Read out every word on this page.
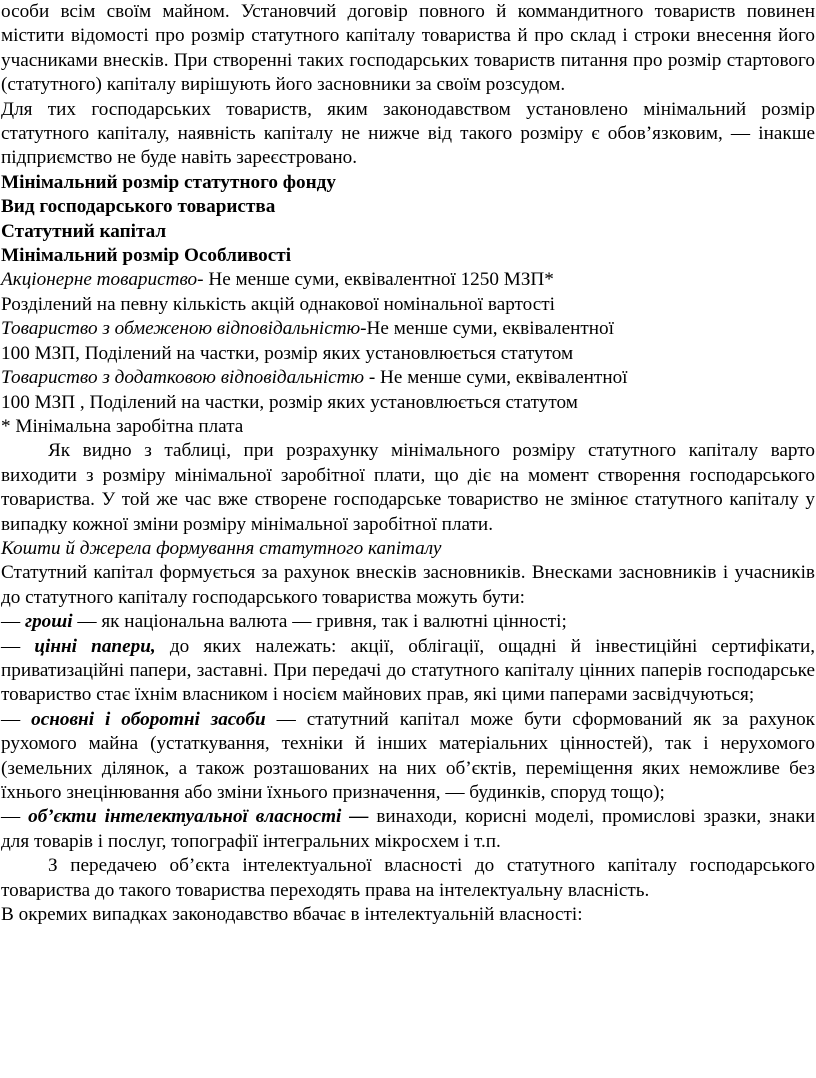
особи всім своїм майном. Установчий договір повного й коммандитного товариств повинен містити відомості про розмір статутного капіталу товариства й про склад і строки внесення його учасниками внесків. При створенні таких господарських товариств питання про розмір стартового (статутного) капіталу вирішують його засновники за своїм розсудом.

Для тих господарських товариств, яким законодавством установлено мінімальний розмір статутного капіталу, наявність капіталу не нижче від такого розміру є обов’язковим, — інакше підприємство не буде навіть зареєстровано.

Мінімальний розмір статутного фонду

Вид господарського товариства

Статутний капітал

Мінімальний розмір Особливості

Акціонерне товариство- Не менше суми, еквівалентної 1250 МЗП*

Розділений на певну кількість акцій однакової номінальної вартості

Товариство з обмеженою відповідальністю-Не менше суми, еквівалентної

100 МЗП, Поділений на частки, розмір яких установлюється статутом

Товариство з додатковою відповідальністю - Не менше суми, еквівалентної

100 МЗП , Поділений на частки, розмір яких установлюється статутом

* Мінімальна заробітна плата

Як видно з таблиці, при розрахунку мінімального розміру статутного капіталу варто виходити з розміру мінімальної заробітної плати, що діє на момент створення господарського товариства. У той же час вже створене господарське товариство не змінює статутного капіталу у випадку кожної зміни розміру мінімальної заробітної плати.

Кошти й джерела формування статутного капіталу

Статутний капітал формується за рахунок внесків засновників. Внесками засновників і учасників до статутного капіталу господарського товариства можуть бути:

— гроші — як національна валюта — гривня, так і валютні цінності;

— цінні папери, до яких належать: акції, облігації, ощадні й інвестиційні сертифікати, приватизаційні папери, заставні. При передачі до статутного капіталу цінних паперів господарське товариство стає їхнім власником і носієм майнових прав, які цими паперами засвідчуються;

— основні і оборотні засоби — статутний капітал може бути сформований як за рахунок рухомого майна (устаткування, техніки й інших матеріальних цінностей), так і нерухомого (земельних ділянок, а також розташованих на них об’єктів, переміщення яких неможливе без їхнього знецінювання або зміни їхнього призначення, — будинків, споруд тощо);

— об’єкти інтелектуальної власності — винаходи, корисні моделі, промислові зразки, знаки для товарів і послуг, топографії інтегральних мікросхем і т.п.

З передачею об’єкта інтелектуальної власності до статутного капіталу господарського товариства до такого товариства переходять права на інтелектуальну власність.

В окремих випадках законодавство вбачає в інтелектуальній власності:
